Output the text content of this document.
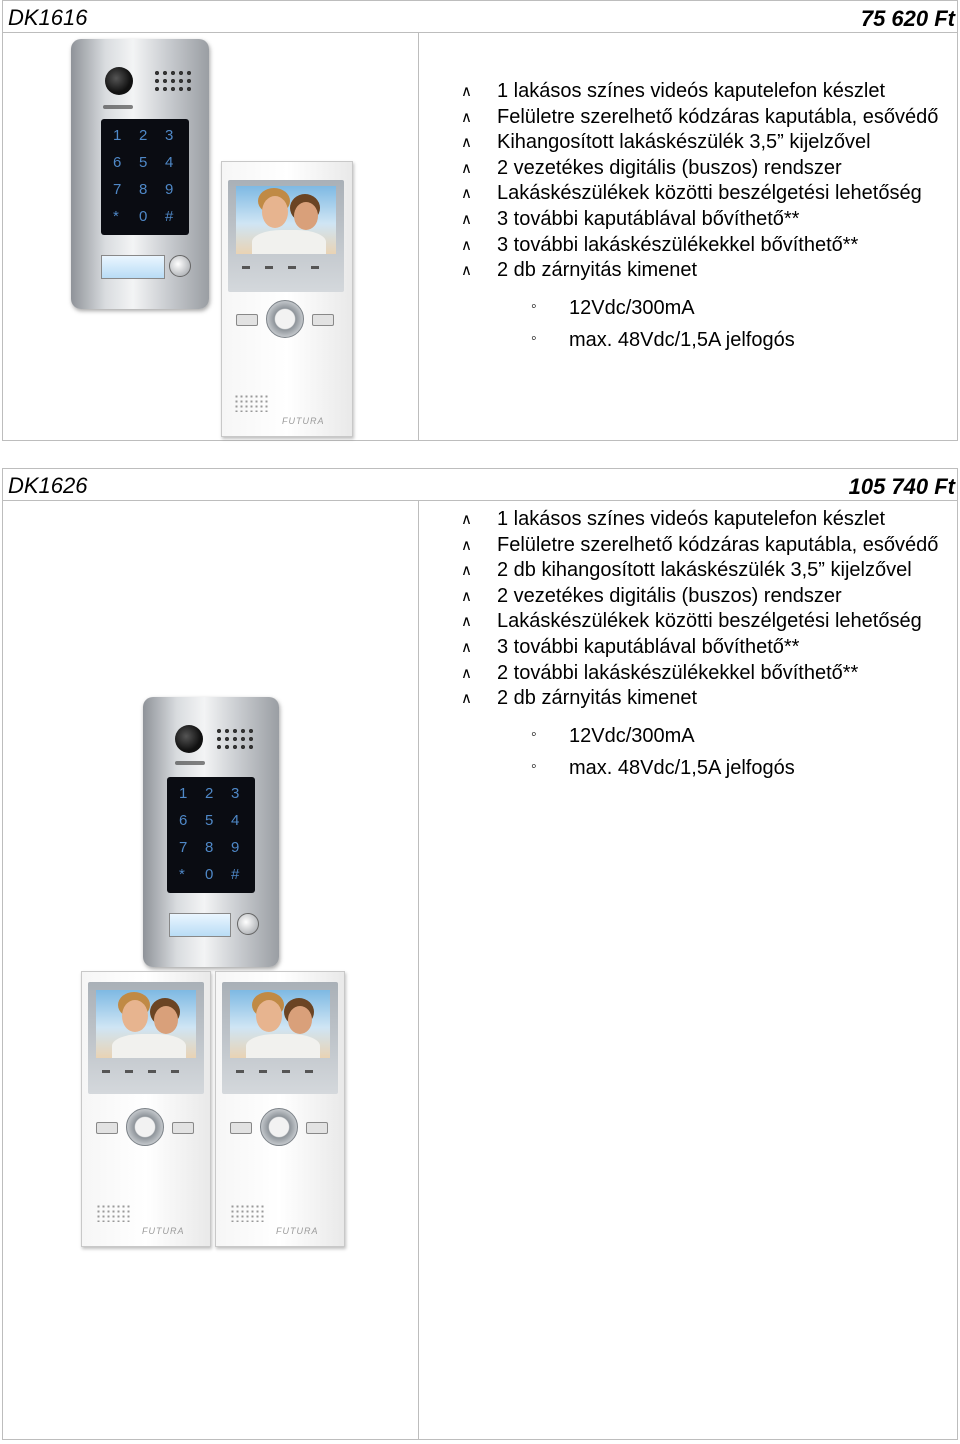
DK1616	75 620 Ft
1 2 3
6 5 4
7 8 9
* 0 #
FUTURA
∧ 1 lakásos színes videós kaputelefon készlet
∧ Felületre szerelhető kódzáras kaputábla, esővédő
∧ Kihangosított lakáskészülék 3,5” kijelzővel
∧ 2 vezetékes digitális (buszos) rendszer
∧ Lakáskészülékek közötti beszélgetési lehetőség
∧ 3 további kaputáblával bővíthető**
∧ 3 további lakáskészülékekkel bővíthető**
∧ 2 db zárnyitás kimenet
◦ 12Vdc/300mA
◦ max. 48Vdc/1,5A jelfogós
DK1626	105 740 Ft
1 2 3
6 5 4
7 8 9
* 0 #
FUTURA	FUTURA
∧ 1 lakásos színes videós kaputelefon készlet
∧ Felületre szerelhető kódzáras kaputábla, esővédő
∧ 2 db kihangosított lakáskészülék 3,5” kijelzővel
∧ 2 vezetékes digitális (buszos) rendszer
∧ Lakáskészülékek közötti beszélgetési lehetőség
∧ 3 további kaputáblával bővíthető**
∧ 2 további lakáskészülékekkel bővíthető**
∧ 2 db zárnyitás kimenet
◦ 12Vdc/300mA
◦ max. 48Vdc/1,5A jelfogós
